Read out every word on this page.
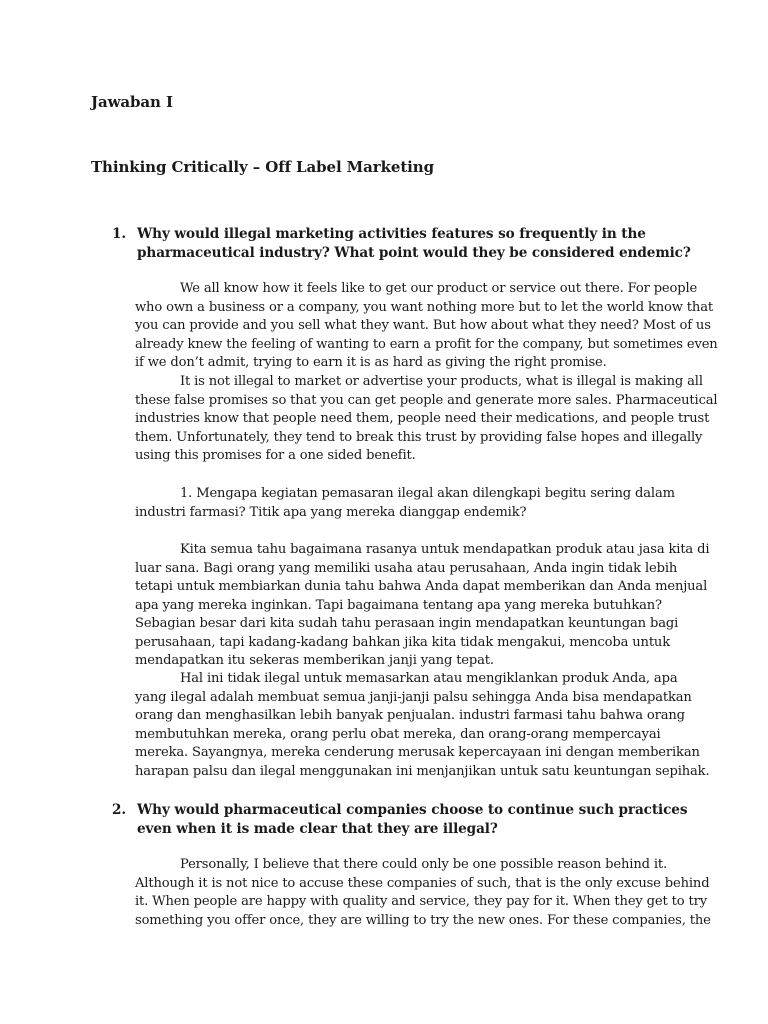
Jawaban I
Thinking Critically – Off Label Marketing
1. Why would illegal marketing activities features so frequently in the
pharmaceutical industry? What point would they be considered endemic?
We all know how it feels like to get our product or service out there. For people
who own a business or a company, you want nothing more but to let the world know that
you can provide and you sell what they want. But how about what they need? Most of us
already knew the feeling of wanting to earn a profit for the company, but sometimes even
if we don’t admit, trying to earn it is as hard as giving the right promise.
It is not illegal to market or advertise your products, what is illegal is making all
these false promises so that you can get people and generate more sales. Pharmaceutical
industries know that people need them, people need their medications, and people trust
them. Unfortunately, they tend to break this trust by providing false hopes and illegally
using this promises for a one sided benefit.
1. Mengapa kegiatan pemasaran ilegal akan dilengkapi begitu sering dalam
industri farmasi? Titik apa yang mereka dianggap endemik?
Kita semua tahu bagaimana rasanya untuk mendapatkan produk atau jasa kita di
luar sana. Bagi orang yang memiliki usaha atau perusahaan, Anda ingin tidak lebih
tetapi untuk membiarkan dunia tahu bahwa Anda dapat memberikan dan Anda menjual
apa yang mereka inginkan. Tapi bagaimana tentang apa yang mereka butuhkan?
Sebagian besar dari kita sudah tahu perasaan ingin mendapatkan keuntungan bagi
perusahaan, tapi kadang-kadang bahkan jika kita tidak mengakui, mencoba untuk
mendapatkan itu sekeras memberikan janji yang tepat.
Hal ini tidak ilegal untuk memasarkan atau mengiklankan produk Anda, apa
yang ilegal adalah membuat semua janji-janji palsu sehingga Anda bisa mendapatkan
orang dan menghasilkan lebih banyak penjualan. industri farmasi tahu bahwa orang
membutuhkan mereka, orang perlu obat mereka, dan orang-orang mempercayai
mereka. Sayangnya, mereka cenderung merusak kepercayaan ini dengan memberikan
harapan palsu dan ilegal menggunakan ini menjanjikan untuk satu keuntungan sepihak.
2. Why would pharmaceutical companies choose to continue such practices
even when it is made clear that they are illegal?
Personally, I believe that there could only be one possible reason behind it.
Although it is not nice to accuse these companies of such, that is the only excuse behind
it. When people are happy with quality and service, they pay for it. When they get to try
something you offer once, they are willing to try the new ones. For these companies, the
